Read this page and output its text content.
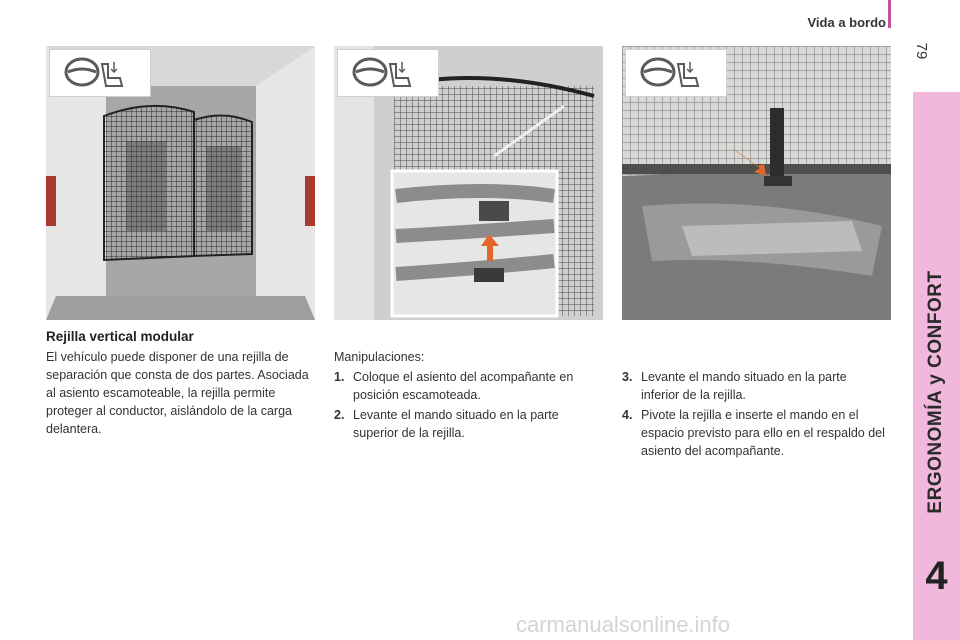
Vida a bordo
79
ERGONOMÍA y CONFORT
4
Rejilla vertical modular
El vehículo puede disponer de una rejilla de separación que consta de dos partes. Asociada al asiento escamoteable, la rejilla permite proteger al conductor, aislándolo de la carga delantera.
Manipulaciones:
1. Coloque el asiento del acompañante en posición escamoteada.
2. Levante el mando situado en la parte superior de la rejilla.
3. Levante el mando situado en la parte inferior de la rejilla.
4. Pivote la rejilla e inserte el mando en el espacio previsto para ello en el respaldo del asiento del acompañante.
carmanualsonline.info
